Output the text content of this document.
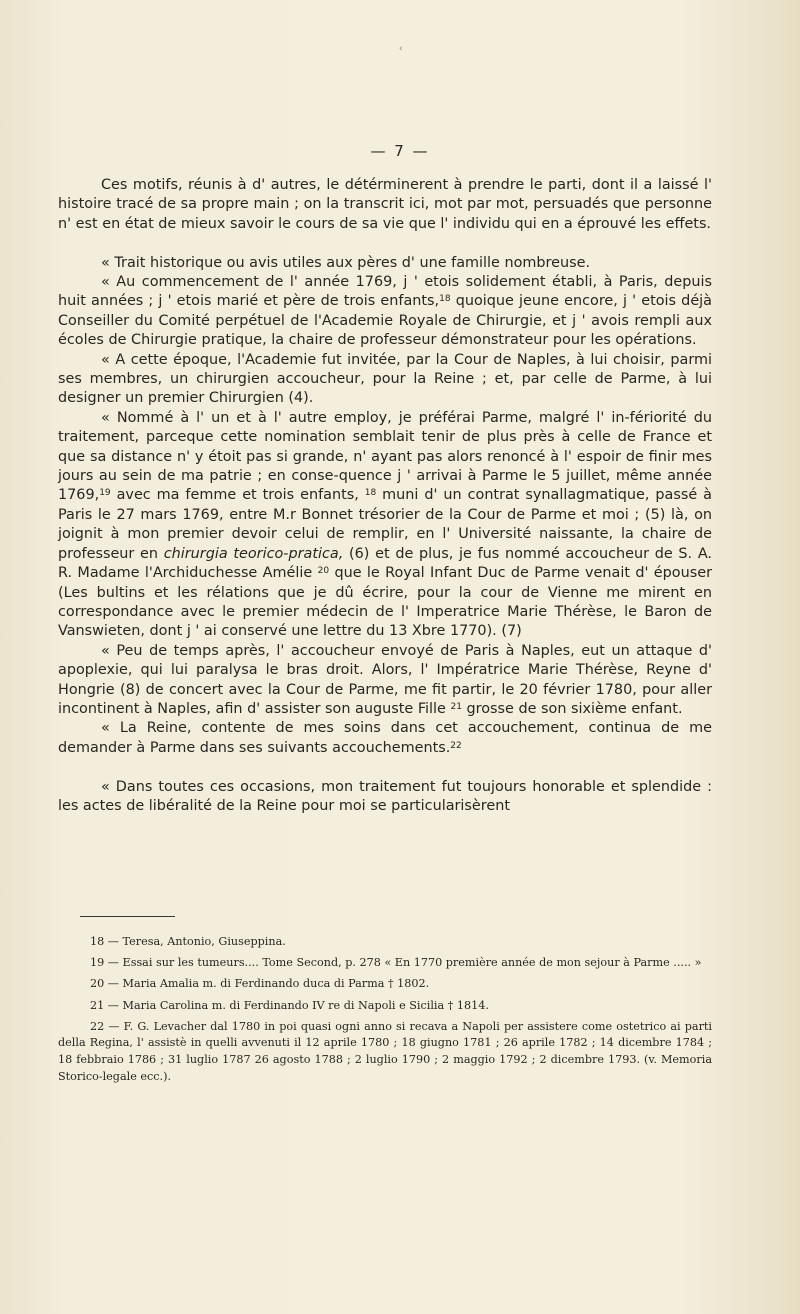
‹
— 7 —

Ces motifs, réunis à d' autres, le détérminerent à prendre le parti, dont il a laissé l' histoire tracé de sa propre main ; on la transcrit ici, mot par mot, persuadés que personne n' est en état de mieux savoir le cours de sa vie que l' individu qui en a éprouvé les effets.

« Trait historique ou avis utiles aux pères d' une famille nombreuse.

« Au commencement de l' année 1769, j ' etois solidement établi, à Paris, depuis huit années ; j ' etois marié et père de trois enfants,$^{18}$ quoique jeune encore, j ' etois déjà Conseiller du Comité perpétuel de l'Academie Royale de Chirurgie, et j ' avois rempli aux écoles de Chirurgie pratique, la chaire de professeur démonstrateur pour les opérations.

« A cette époque, l'Academie fut invitée, par la Cour de Naples, à lui choisir, parmi ses membres, un chirurgien accoucheur, pour la Reine ; et, par celle de Parme, à lui designer un premier Chirurgien (4).

« Nommé à l' un et à l' autre employ, je préférai Parme, malgré l' in-fériorité du traitement, parceque cette nomination semblait tenir de plus près à celle de France et que sa distance n' y étoit pas si grande, n' ayant pas alors renoncé à l' espoir de finir mes jours au sein de ma patrie ; en conse-quence j ' arrivai à Parme le 5 juillet, même année 1769,19 avec ma femme et trois enfants, $^{18}$ muni d' un contrat synallagmatique, passé à Paris le 27 mars 1769, entre M.r Bonnet trésorier de la Cour de Parme et moi ; (5) là, on joignit à mon premier devoir celui de remplir, en l' Université naissante, la chaire de professeur en chirurgia teorico-pratica, (6) et de plus, je fus nommé accoucheur de S. A. R. Madame l'Archiduchesse Amélie $^{20}$ que le Royal Infant Duc de Parme venait d' épouser (Les bultins et les rélations que je dû écrire, pour la cour de Vienne me mirent en correspondance avec le premier médecin de l' Imperatrice Marie Thérèse, le Baron de Vanswieten, dont j ' ai conservé une lettre du 13 Xbre 1770). (7)

« Peu de temps après, l' accoucheur envoyé de Paris à Naples, eut un attaque d' apoplexie, qui lui paralysa le bras droit. Alors, l' Impératrice Marie Thérèse, Reyne d' Hongrie (8) de concert avec la Cour de Parme, me fit partir, le 20 février 1780, pour aller incontinent à Naples, afin d' assister son auguste Fille $^{21}$ grosse de son sixième enfant.

« La Reine, contente de mes soins dans cet accouchement, continua de me demander à Parme dans ses suivants accouchements.$^{22}$

« Dans toutes ces occasions, mon traitement fut toujours honorable et splendide : les actes de libéralité de la Reine pour moi se particularisèrent

18 — Teresa, Antonio, Giuseppina.

19 — Essai sur les tumeurs.... Tome Second, p. 278 « En 1770 première année de mon sejour à Parme ..... »

20 — Maria Amalia m. di Ferdinando duca di Parma † 1802.

21 — Maria Carolina m. di Ferdinando IV re di Napoli e Sicilia † 1814.

22 — F. G. Levacher dal 1780 in poi quasi ogni anno si recava a Napoli per assistere come ostetrico ai parti della Regina, l' assistè in quelli avvenuti il 12 aprile 1780 ; 18 giugno 1781 ; 26 aprile 1782 ; 14 dicembre 1784 ; 18 febbraio 1786 ; 31 luglio 1787 26 agosto 1788 ; 2 luglio 1790 ; 2 maggio 1792 ; 2 dicembre 1793. (v. Memoria Storico-legale ecc.).
